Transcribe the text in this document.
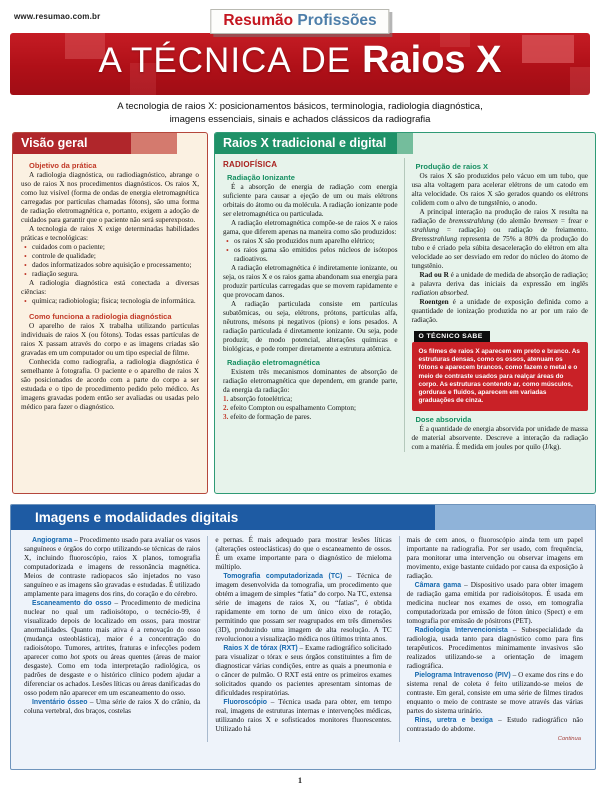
www.resumao.com.br	Resumão Profissões
A TÉCNICA DE Raios X
A tecnologia de raios X: posicionamentos básicos, terminologia, radiologia diagnóstica,
imagens essenciais, sinais e achados clássicos da radiografia
Visão geral
Objetivo da prática

A radiologia diagnóstica, ou radiodiagnóstico, abrange o uso de raios X nos procedimentos diagnósticos. Os raios X, como luz visível (forma de ondas de energia eletromagnética carregadas por partículas chamadas fótons), são uma forma de radiação eletromagnética e, portanto, exigem a adoção de cuidados para garantir que o paciente não será superexposto.

A tecnologia de raios X exige determinadas habilidades práticas e tecnológicas:

• cuidados com o paciente;
• controle de qualidade;
• dados informatizados sobre aquisição e processamento;
• radiação segura.

A radiologia diagnóstica está conectada a diversas ciências:

• química; radiobiologia; física; tecnologia de informática.
Como funciona a radiologia diagnóstica

O aparelho de raios X trabalha utilizando partículas individuais de raios X (ou fótons). Todas essas partículas de raios X passam através do corpo e as imagens criadas são gravadas em um computador ou um tipo especial de filme.

Conhecida como radiografia, a radiologia diagnóstica é semelhante à fotografia. O paciente e o aparelho de raios X são posicionados de acordo com a parte do corpo a ser estudada e o tipo de procedimento pedido pelo médico. As imagens gravadas podem então ser avaliadas ou usadas pelo médico para fazer o diagnóstico.

Raios X tradicional e digital
RADIOFÍSICA
Radiação Ionizante

É a absorção de energia de radiação com energia suficiente para causar a ejeção de um ou mais elétrons orbitais do átomo ou da molécula. A radiação ionizante pode ser eletromagnética ou particulada.

A radiação eletromagnética compõe-se de raios X e raios gama, que diferem apenas na maneira como são produzidos:

• os raios X são produzidos num aparelho elétrico;
• os raios gama são emitidos pelos núcleos de isótopos radioativos.

A radiação eletromagnética é indiretamente ionizante, ou seja, os raios X e os raios gama abandonam sua energia para produzir partículas carregadas que se movem rapidamente e que provocam danos.

A radiação particulada consiste em partículas subatômicas, ou seja, elétrons, prótons, partículas alfa, nêutrons, mésons pi negativos (píons) e íons pesados. A radiação particulada é diretamente ionizante. Ou seja, pode produzir, de modo potencial, alterações químicas e biológicas, e pode romper diretamente a estrutura atômica.

Radiação eletromagnética

Existem três mecanismos dominantes de absorção de radiação eletromagnética que dependem, em grande parte, da energia da radiação:

1. absorção fotoelétrica;
2. efeito Compton ou espalhamento Compton;
3. efeito de formação de pares.
Produção de raios X

Os raios X são produzidos pelo vácuo em um tubo, que usa alta voltagem para acelerar elétrons de um catodo em alta velocidade. Os raios X são gerados quando os elétrons colidem com o alvo de tungstênio, o anodo.

A principal interação na produção de raios X resulta na radiação de bremsstrahlung (do alemão bremsen = frear e strahlung = radiação) ou radiação de freiamento. Bremsstrahlung representa de 75% a 80% da produção do tubo e é criado pela súbita desaceleração do elétron em alta velocidade ao ser desviado em redor do núcleo do átomo de tungstênio.

Rad ou R é a unidade de medida de absorção de radiação; a palavra deriva das iniciais da expressão em inglês radiation absorbed.

Roentgen é a unidade de exposição definida como a quantidade de ionização produzida no ar por um raio de radiação.

O TÉCNICO SABE
Os filmes de raios X aparecem em preto e branco. As estruturas densas, como os ossos, atenuam os fótons e aparecem brancos, como fazem o metal e o meio de contraste usados para realçar áreas do corpo. As estruturas contendo ar, como músculos, gorduras e fluidos, aparecem em variadas graduações de cinza.
Dose absorvida

É a quantidade de energia absorvida por unidade de massa de material absorvente. Descreve a interação da radiação com a matéria. É medida em joules por quilo (J/kg).

Imagens e modalidades digitais

Angiograma – Procedimento usado para avaliar os vasos sanguíneos e órgãos do corpo utilizando-se técnicas de raios X, incluindo fluoroscópio, raios X planos, tomografia computadorizada e imagens de ressonância magnética. Meios de contraste radiopacos são injetados no vaso sanguíneo e as imagens são gravadas e estudadas. É utilizado amplamente para imagens dos rins, do coração e do cérebro.

Escaneamento do osso – Procedimento de medicina nuclear no qual um radioisótopo, o tecnécio-99, é visualizado depois de localizado em ossos, para mostrar anormalidades. Quanto mais ativa é a renovação do osso (mudança osteoblástica), maior é a concentração do radioisótopo. Tumores, artrites, fraturas e infecções podem aparecer como hot spots ou áreas quentes (áreas de maior desgaste). Como em toda interpretação radiológica, os padrões de desgaste e o histórico clínico podem ajudar a diferenciar os achados. Lesões líticas ou áreas danificadas do osso podem não aparecer em um escaneamento do osso.

Inventário ósseo – Uma série de raios X do crânio, da coluna vertebral, dos braços, costelas

e pernas. É mais adequado para mostrar lesões líticas (alterações osteoclásticas) do que o escaneamento de ossos. É um exame importante para o diagnóstico de mieloma múltiplo.

Tomografia computadorizada (TC) – Técnica de imagem desenvolvida da tomografia, um procedimento que obtém a imagem de simples “fatia” do corpo. Na TC, extensa série de imagens de raios X, ou “fatias”, é obtida rapidamente em torno de um único eixo de rotação, permitindo que possam ser reagrupados em três dimensões (3D), produzindo uma imagem de alta resolução. A TC revolucionou a visualização médica nos últimos trinta anos.

Raios X de tórax (RXT) – Exame radiográfico solicitado para visualizar o tórax e seus órgãos constituintes a fim de diagnosticar várias condições, entre as quais a pneumonia e o câncer de pulmão. O RXT está entre os primeiros exames solicitados quando os pacientes apresentam sintomas de dificuldades respiratórias.

Fluoroscópio – Técnica usada para obter, em tempo real, imagens de estruturas internas e intervenções médicas, utilizando raios X e sofisticados monitores fluorescentes. Utilizado há

mais de cem anos, o fluoroscópio ainda tem um papel importante na radiografia. Por ser usado, com frequência, para monitorar uma intervenção ou observar imagens em movimento, exige bastante cuidado por causa da exposição à radiação.

Câmara gama – Dispositivo usado para obter imagem de radiação gama emitida por radioisótopos. É usada em medicina nuclear nos exames de osso, em tomografia computadorizada por emissão de fóton único (Spect) e em tomografia por emissão de pósitrons (PET).

Radiologia Intervencionista – Subespecialidade da radiologia, usada tanto para diagnóstico como para fins terapêuticos. Procedimentos minimamente invasivos são realizados utilizando-se a orientação de imagem radiográfica.

Pielograma Intravenoso (PIV) – O exame dos rins e do sistema renal de coleta é feito utilizando-se meios de contraste. Em geral, consiste em uma série de filmes tirados enquanto o meio de contraste se move através das várias partes do sistema urinário.

Rins, uretra e bexiga – Estudo radiográfico não contrastado do abdome.

Continua
1
